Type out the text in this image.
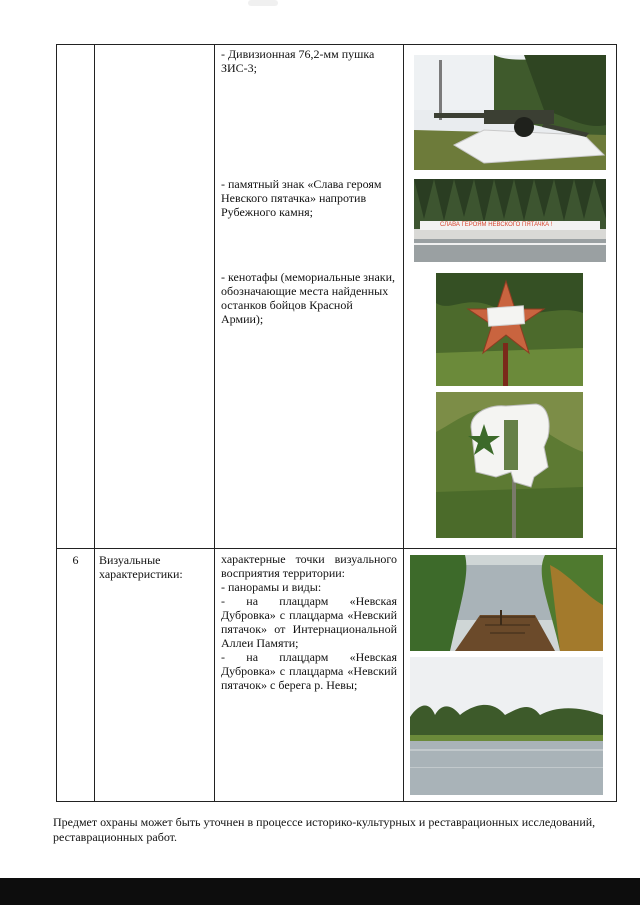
		- Дивизионная 76,2-мм пушка ЗИС-3;
- памятный знак «Слава героям Невского пятачка» напротив Рубежного камня;
- кенотафы (мемориальные знаки, обозначающие места найденных останков бойцов Красной Армии);	СЛАВА ГЕРОЯМ НЕВСКОГО ПЯТАЧКА !

6	Визуальные характеристики:	характерные точки визуального восприятия территории:
- панорамы и виды:
- на плацдарм «Невская Дубровка» с плацдарма «Невский пятачок» от Интернациональной Аллеи Памяти;
- на плацдарм «Невская Дубровка» с плацдарма «Невский пятачок» с берега р. Невы;

Предмет охраны может быть уточнен в процессе историко-культурных и реставрационных исследований, реставрационных работ.
